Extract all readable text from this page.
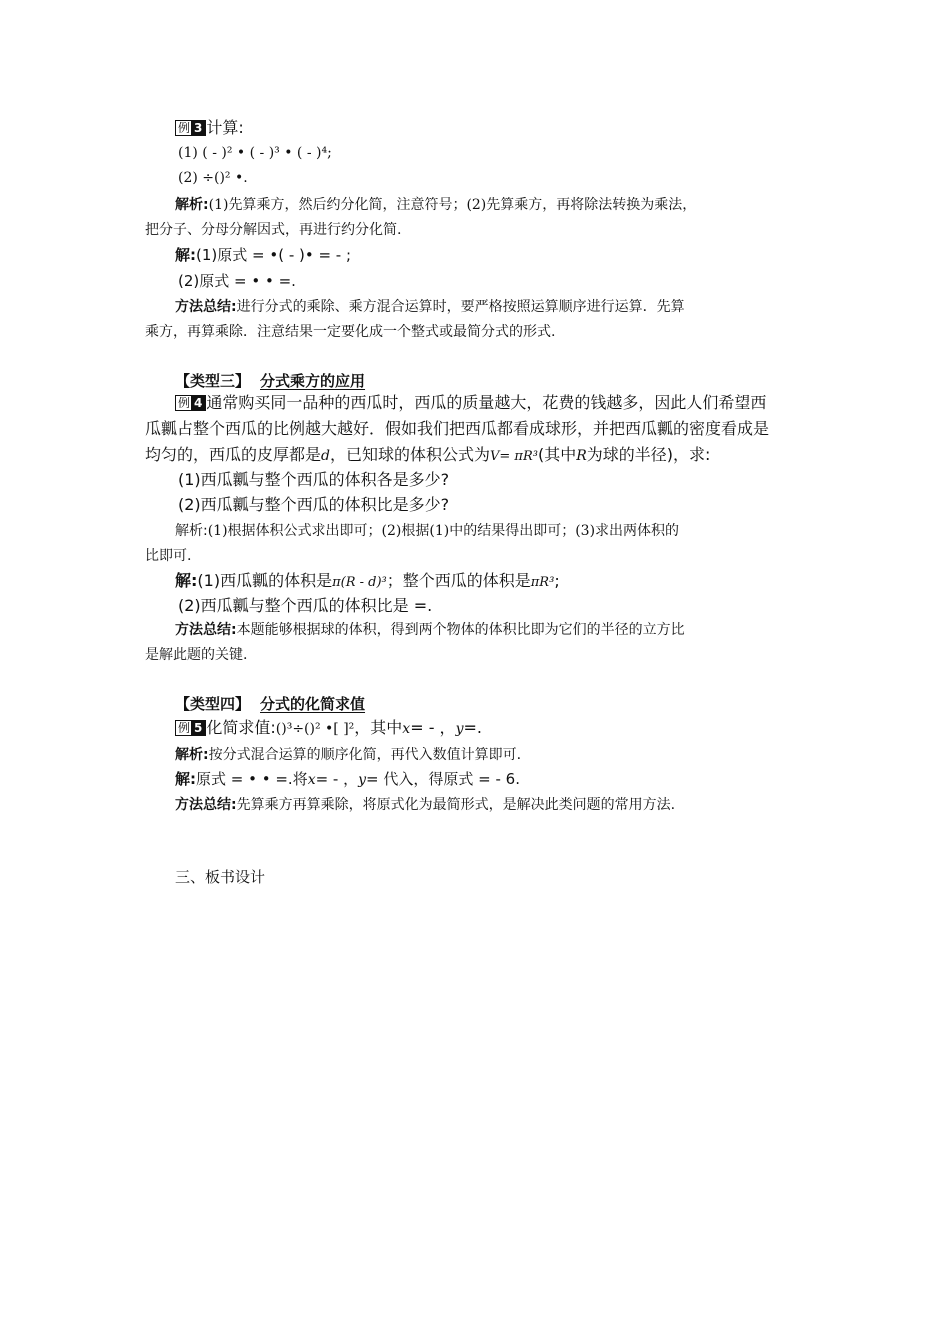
例 3 计算:
(1) ( - )² • ( - )³ • ( - )⁴;
(2) ÷()² •.
解析:(1)先算乘方，然后约分化简，注意符号；(2)先算乘方，再将除法转换为乘法，
把分子、分母分解因式，再进行约分化简.
解:(1)原式 = •( - )• = - ;
(2)原式 = • • =.
方法总结:进行分式的乘除、乘方混合运算时，要严格按照运算顺序进行运算．先算
乘方，再算乘除．注意结果一定要化成一个整式或最简分式的形式.
【类型三】 分式乘方的应用
例 4 通常购买同一品种的西瓜时，西瓜的质量越大，花费的钱越多，因此人们希望西
瓜瓤占整个西瓜的比例越大越好．假如我们把西瓜都看成球形，并把西瓜瓤的密度看成是
均匀的，西瓜的皮厚都是d，已知球的体积公式为V= πR³(其中R为球的半径)，求:
(1)西瓜瓤与整个西瓜的体积各是多少?
(2)西瓜瓤与整个西瓜的体积比是多少?
解析:(1)根据体积公式求出即可；(2)根据(1)中的结果得出即可；(3)求出两体积的
比即可.
解:(1)西瓜瓤的体积是π(R - d)³；整个西瓜的体积是πR³;
(2)西瓜瓤与整个西瓜的体积比是 =.
方法总结:本题能够根据球的体积，得到两个物体的体积比即为它们的半径的立方比
是解此题的关键.
【类型四】 分式的化简求值
例 5 化简求值:()³÷()² •[ ]²，其中x= - ，y=.
解析:按分式混合运算的顺序化简，再代入数值计算即可.
解:原式 = • • =.将x= - ，y= 代入，得原式 = - 6.
方法总结:先算乘方再算乘除，将原式化为最简形式，是解决此类问题的常用方法.
三、板书设计
